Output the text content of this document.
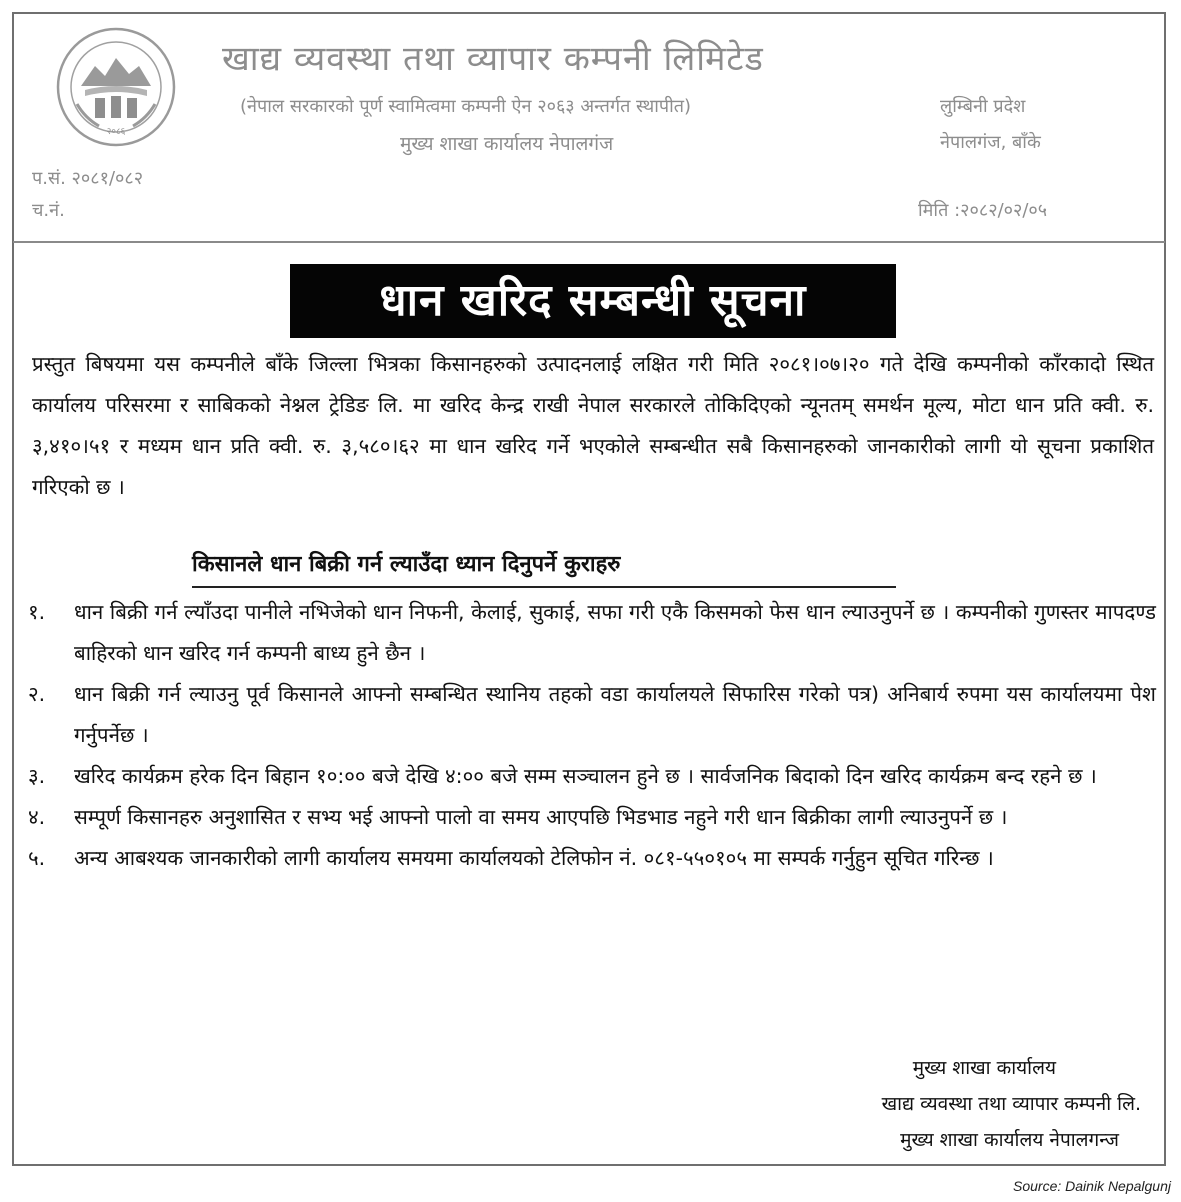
२०८६
खाद्य व्यवस्था तथा व्यापार कम्पनी लिमिटेड
(नेपाल सरकारको पूर्ण स्वामित्वमा कम्पनी ऐन २०६३ अन्तर्गत स्थापीत)
मुख्य शाखा कार्यालय नेपालगंज
लुम्बिनी प्रदेश
नेपालगंज, बाँके
प.सं. २०८१/०८२
च.नं.	मिति :२०८२/०२/०५
धान खरिद सम्बन्धी सूचना
प्रस्तुत बिषयमा यस कम्पनीले बाँके जिल्ला भित्रका किसानहरुको उत्पादनलाई लक्षित गरी मिति २०८१।०७।२० गते देखि कम्पनीको काँरकादो स्थित कार्यालय परिसरमा र साबिकको नेश्नल ट्रेडिङ लि. मा खरिद केन्द्र राखी नेपाल सरकारले तोकिदिएको न्यूनतम् समर्थन मूल्य, मोटा धान प्रति क्वी. रु. ३,४१०।५१ र मध्यम धान प्रति क्वी. रु. ३,५८०।६२ मा धान खरिद गर्ने भएकोले सम्बन्धीत सबै किसानहरुको जानकारीको लागी यो सूचना प्रकाशित गरिएको छ ।
किसानले धान बिक्री गर्न ल्याउँदा ध्यान दिनुपर्ने कुराहरु
१.	धान बिक्री गर्न ल्याँउदा पानीले नभिजेको धान निफनी, केलाई, सुकाई, सफा गरी एकै किसमको फेस धान ल्याउनुपर्ने छ । कम्पनीको गुणस्तर मापदण्ड बाहिरको धान खरिद गर्न कम्पनी बाध्य हुने छैन ।
२.	धान बिक्री गर्न ल्याउनु पूर्व किसानले आफ्नो सम्बन्धित स्थानिय तहको वडा कार्यालयले सिफारिस गरेको पत्र) अनिबार्य रुपमा यस कार्यालयमा पेश गर्नुपर्नेछ ।
३.	खरिद कार्यक्रम हरेक दिन बिहान १०:०० बजे देखि ४:०० बजे सम्म सञ्चालन हुने छ । सार्वजनिक बिदाको दिन खरिद कार्यक्रम बन्द रहने छ ।
४.	सम्पूर्ण किसानहरु अनुशासित र सभ्य भई आफ्नो पालो वा समय आएपछि भिडभाड नहुने गरी धान बिक्रीका लागी ल्याउनुपर्ने छ ।
५.	अन्य आबश्यक जानकारीको लागी कार्यालय समयमा कार्यालयको टेलिफोन नं. ०८१-५५०१०५ मा सम्पर्क गर्नुहुन सूचित गरिन्छ ।
मुख्य शाखा कार्यालय
खाद्य व्यवस्था तथा व्यापार कम्पनी लि.
मुख्य शाखा कार्यालय नेपालगन्ज
Source: Dainik Nepalgunj
